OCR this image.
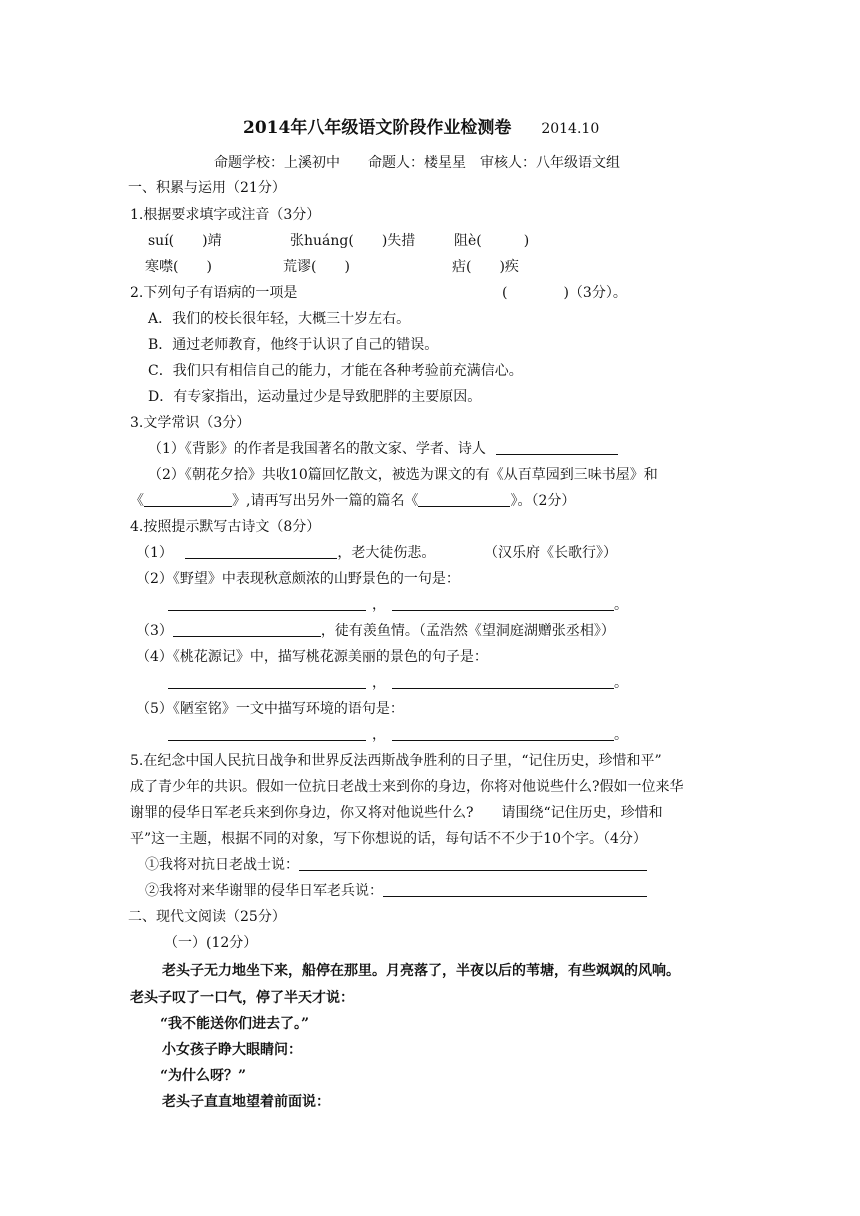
2014年八年级语文阶段作业检测卷 2014.10
命题学校：上溪初中　　命题人：楼星星　审核人：八年级语文组
一、积累与运用（21分）
1.根据要求填字或注音（3分）
suí(　　)靖	张huáng(　　)失措	阻è(　　　)
寒噤(　　)	荒谬(　　)	痁(　　)疾
2.下列句子有语病的一项是	(　　　　)（3分）。
A．我们的校长很年轻，大概三十岁左右。
B．通过老师教育，他终于认识了自己的错误。
C．我们只有相信自己的能力，才能在各种考验前充满信心。
D．有专家指出，运动量过少是导致肥胖的主要原因。
3.文学常识（3分）
（1）《背影》的作者是我国著名的散文家、学者、诗人
（2）《朝花夕拾》共收10篇回忆散文，被选为课文的有《从百草园到三味书屋》和
《	》,请再写出另外一篇的篇名《	》。（2分）
4.按照提示默写古诗文（8分）
（1）	，老大徒伤悲。	（汉乐府《长歌行》）
（2）《野望》中表现秋意颇浓的山野景色的一句是：
，	。
（3）	，徒有羡鱼情。（孟浩然《望洞庭湖赠张丞相》）
（4）《桃花源记》中，描写桃花源美丽的景色的句子是：
，	。
（5）《陋室铭》一文中描写环境的语句是：
，	。
5.在纪念中国人民抗日战争和世界反法西斯战争胜利的日子里，“记住历史，珍惜和平”
成了青少年的共识。假如一位抗日老战士来到你的身边，你将对他说些什么?假如一位来华
谢罪的侵华日军老兵来到你身边，你又将对他说些什么?　　请围绕“记住历史，珍惜和
平”这一主题，根据不同的对象，写下你想说的话，每句话不不少于10个字。（4分）
①我将对抗日老战士说：
②我将对来华谢罪的侵华日军老兵说：
二、现代文阅读（25分）
（一）(12分）
老头子无力地坐下来，船停在那里。月亮落了，半夜以后的苇塘，有些飒飒的风响。
老头子叹了一口气，停了半天才说：
“我不能送你们进去了。”
小女孩子睁大眼睛问：
“为什么呀？”
老头子直直地望着前面说：
